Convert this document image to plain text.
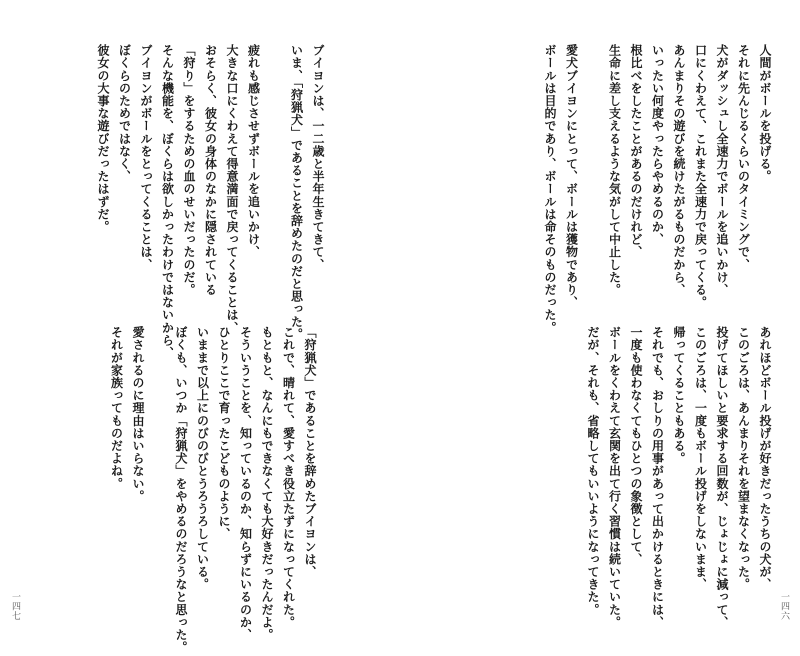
ブイヨンは、一二歳と半年生きてきて、
いま、「狩猟犬」であることを辞めたのだと思った。

疲れも感じさせずボールを追いかけ、
大きな口にくわえて得意満面で戻ってくることは、
おそらく、彼女の身体のなかに隠されている
「狩り」をするための血のせいだったのだ。
そんな機能を、ぼくらは欲しかったわけではないから、
ブイヨンがボールをとってくることは、
ぼくらのためではなく、
彼女の大事な遊びだったはずだ。
「狩猟犬」であることを辞めたブイヨンは、
これで、晴れて、愛すべき役立たずになってくれた。
もともと、なんにもできなくても大好きだったんだよ。
そういうことを、知っているのか、知らずにいるのか、
ひとりここで育ったこどものように、
いままで以上にのびのびとうろうろしている。
ぼくも、いつか「狩猟犬」をやめるのだろうなと思った。

愛されるのに理由はいらない。
それが家族ってものだよね。
一四七
人間がボールを投げる。
それに先んじるくらいのタイミングで、
犬がダッシュし全速力でボールを追いかけ、
口にくわえて、これまた全速力で戻ってくる。
あんまりその遊びを続けたがるものだから、
いったい何度やったらやめるのか、
根比べをしたことがあるのだけれど、
生命に差し支えるような気がして中止した。

愛犬ブイヨンにとって、ボールは獲物であり、
ボールは目的であり、ボールは命そのものだった。
あれほどボール投げが好きだったうちの犬が、
このごろは、あんまりそれを望まなくなった。
投げてほしいと要求する回数が、じょじょに減って、
このごろは、一度もボール投げをしないまま、
帰ってくることもある。
それでも、おしりの用事があって出かけるときには、
一度も使わなくてもひとつの象徴として、
ボールをくわえて玄関を出て行く習慣は続いていた。
だが、それも、省略してもいいようになってきた。	一四六
